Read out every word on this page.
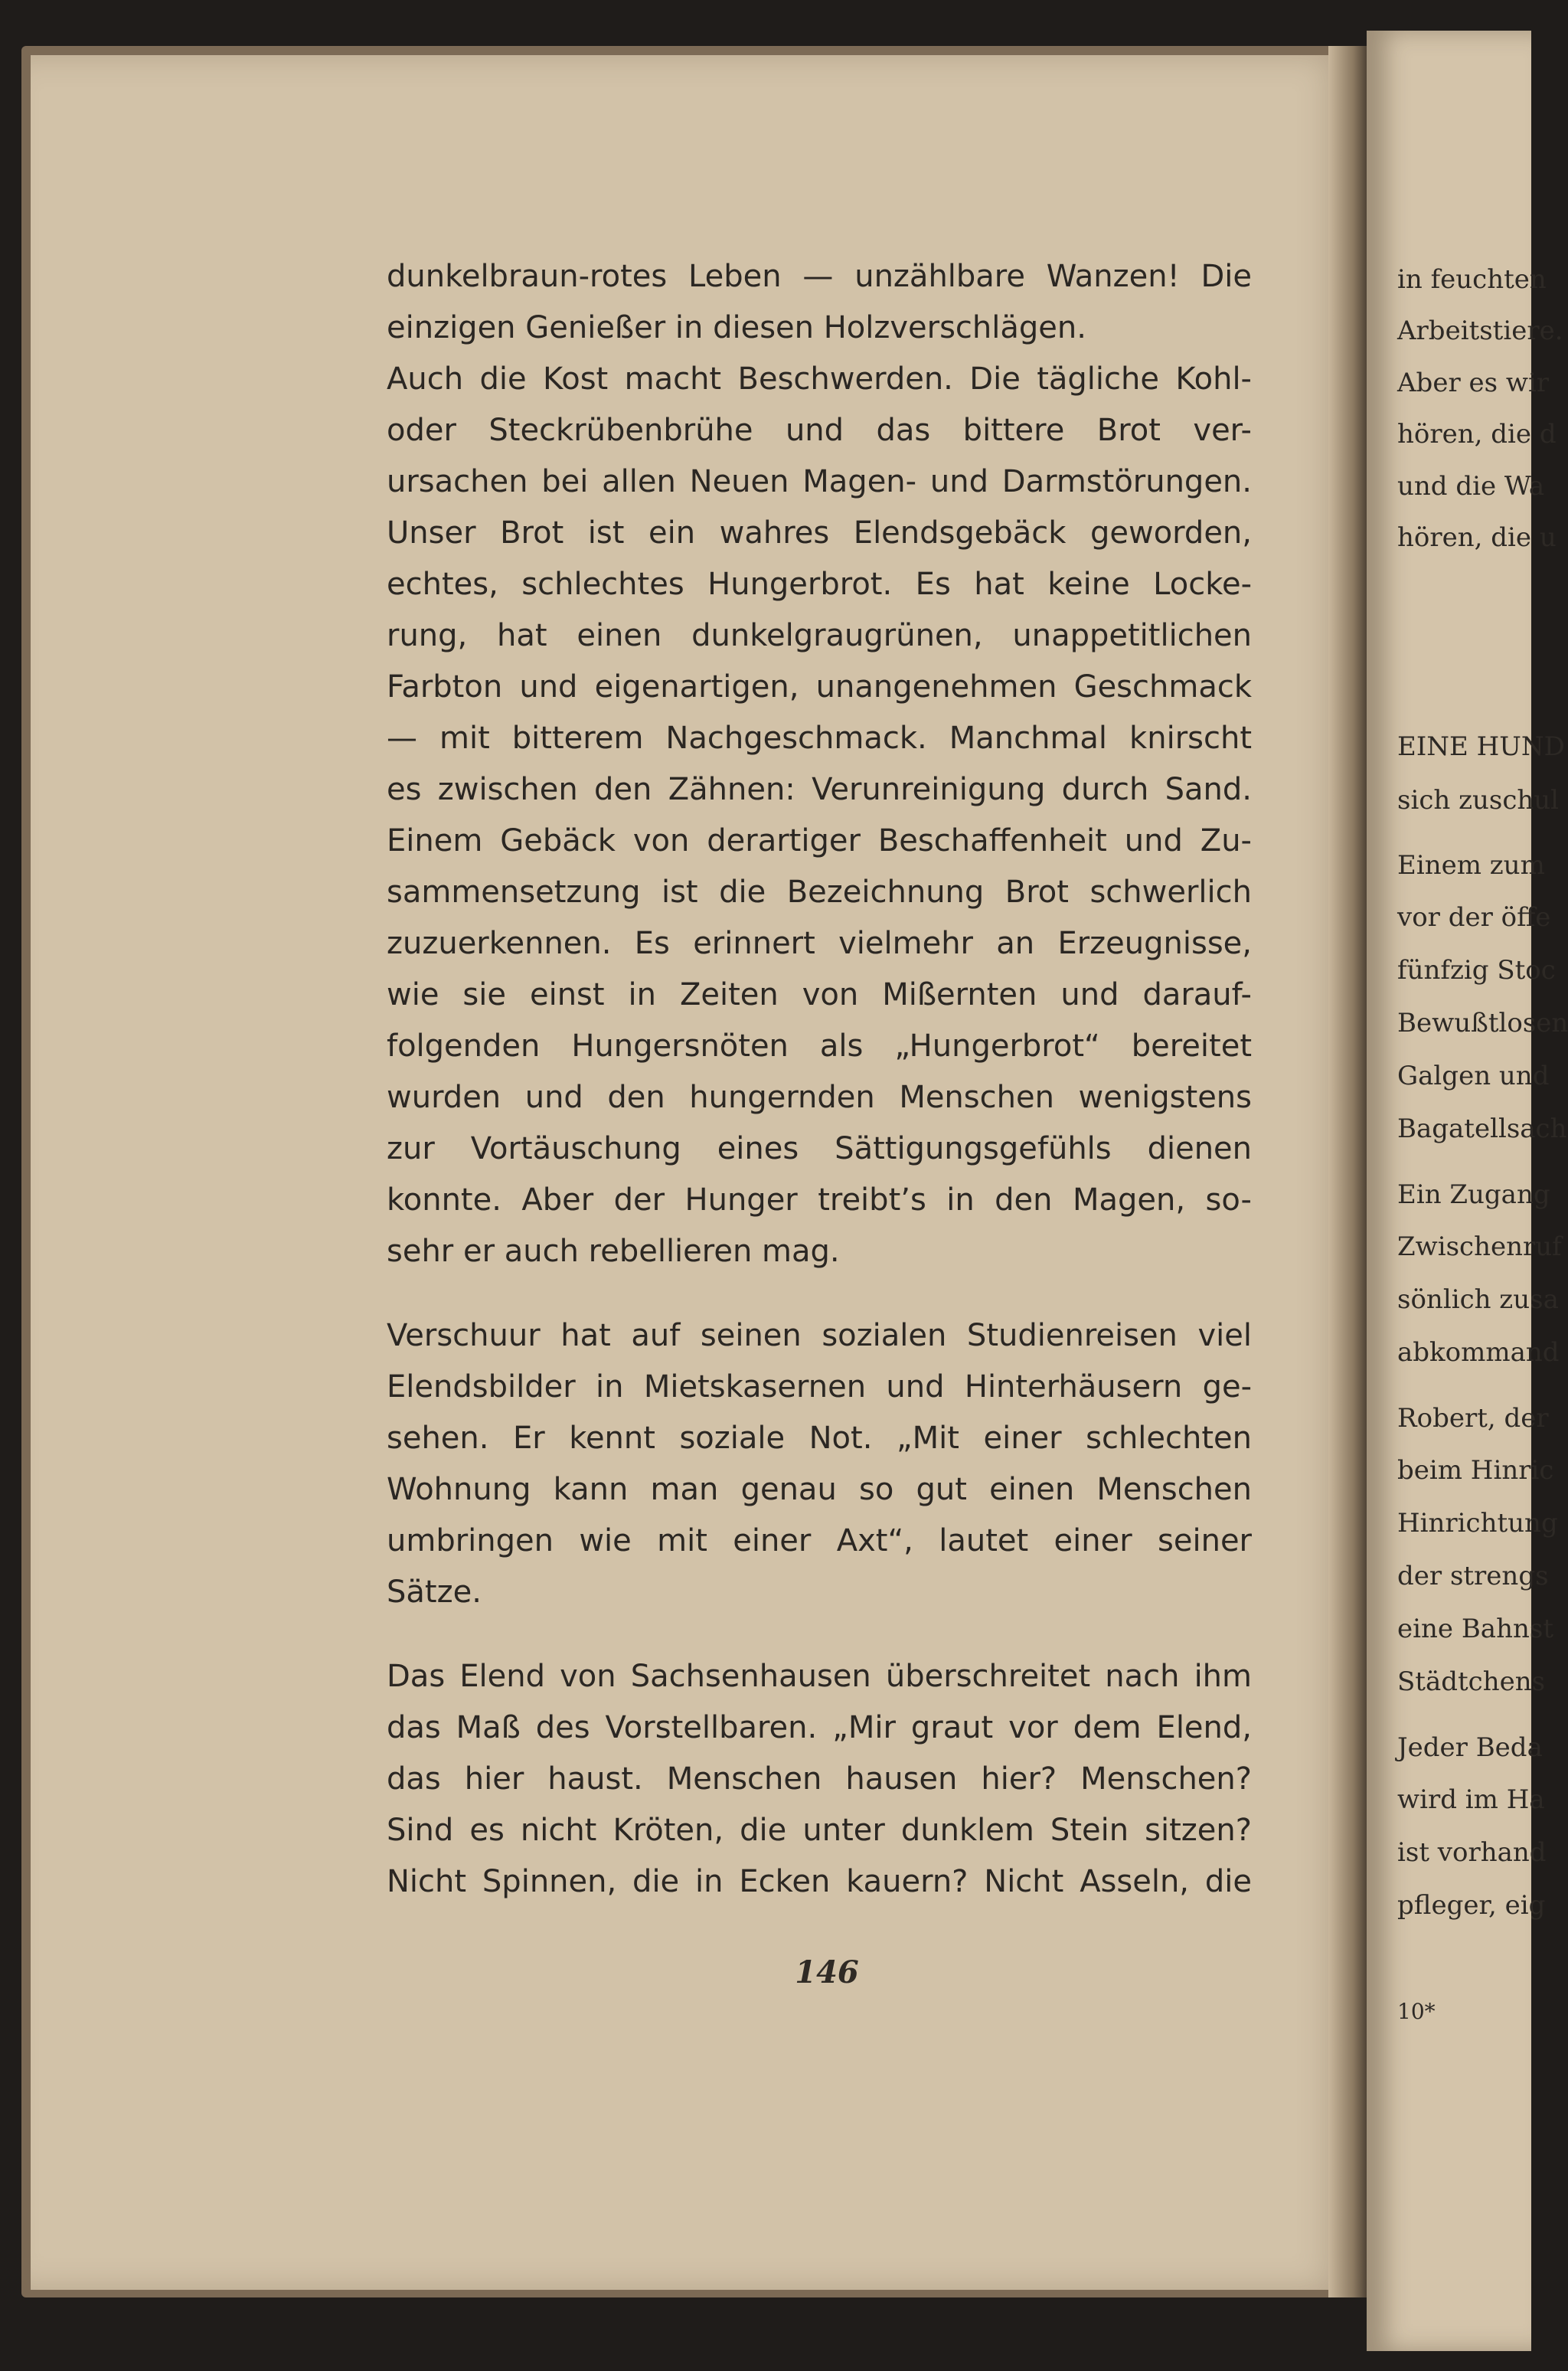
dunkelbraun-rotes Leben — unzählbare Wanzen! Die
einzigen Genießer in diesen Holzverschlägen.
Auch die Kost macht Beschwerden. Die tägliche Kohl-
oder Steckrübenbrühe und das bittere Brot ver-
ursachen bei allen Neuen Magen- und Darmstörungen.
Unser Brot ist ein wahres Elendsgebäck geworden,
echtes, schlechtes Hungerbrot. Es hat keine Locke-
rung, hat einen dunkelgraugrünen, unappetitlichen
Farbton und eigenartigen, unangenehmen Geschmack
— mit bitterem Nachgeschmack. Manchmal knirscht
es zwischen den Zähnen: Verunreinigung durch Sand.
Einem Gebäck von derartiger Beschaffenheit und Zu-
sammensetzung ist die Bezeichnung Brot schwerlich
zuzuerkennen. Es erinnert vielmehr an Erzeugnisse,
wie sie einst in Zeiten von Mißernten und darauf-
folgenden Hungersnöten als „Hungerbrot“ bereitet
wurden und den hungernden Menschen wenigstens
zur Vortäuschung eines Sättigungsgefühls dienen
konnte. Aber der Hunger treibt’s in den Magen, so-
sehr er auch rebellieren mag.
Verschuur hat auf seinen sozialen Studienreisen viel
Elendsbilder in Mietskasernen und Hinterhäusern ge-
sehen. Er kennt soziale Not. „Mit einer schlechten
Wohnung kann man genau so gut einen Menschen
umbringen wie mit einer Axt“, lautet einer seiner
Sätze.
Das Elend von Sachsenhausen überschreitet nach ihm
das Maß des Vorstellbaren. „Mir graut vor dem Elend,
das hier haust. Menschen hausen hier? Menschen?
Sind es nicht Kröten, die unter dunklem Stein sitzen?
Nicht Spinnen, die in Ecken kauern? Nicht Asseln, die
146
in feuchten
Arbeitstiere.
Aber es wir
hören, die d
und die Wa
hören, die u
EINE HUND
sich zuschul
Einem zum
vor der öffe
fünfzig Stoc
Bewußtlosen
Galgen und
Bagatellsach
Ein Zugang
Zwischenruf
sönlich zusa
abkommand
Robert, der
beim Hinric
Hinrichtung
der strengs
eine Bahnst
Städtchens
Jeder Beda
wird im Ha
ist vorhand
pfleger, eig
10*
